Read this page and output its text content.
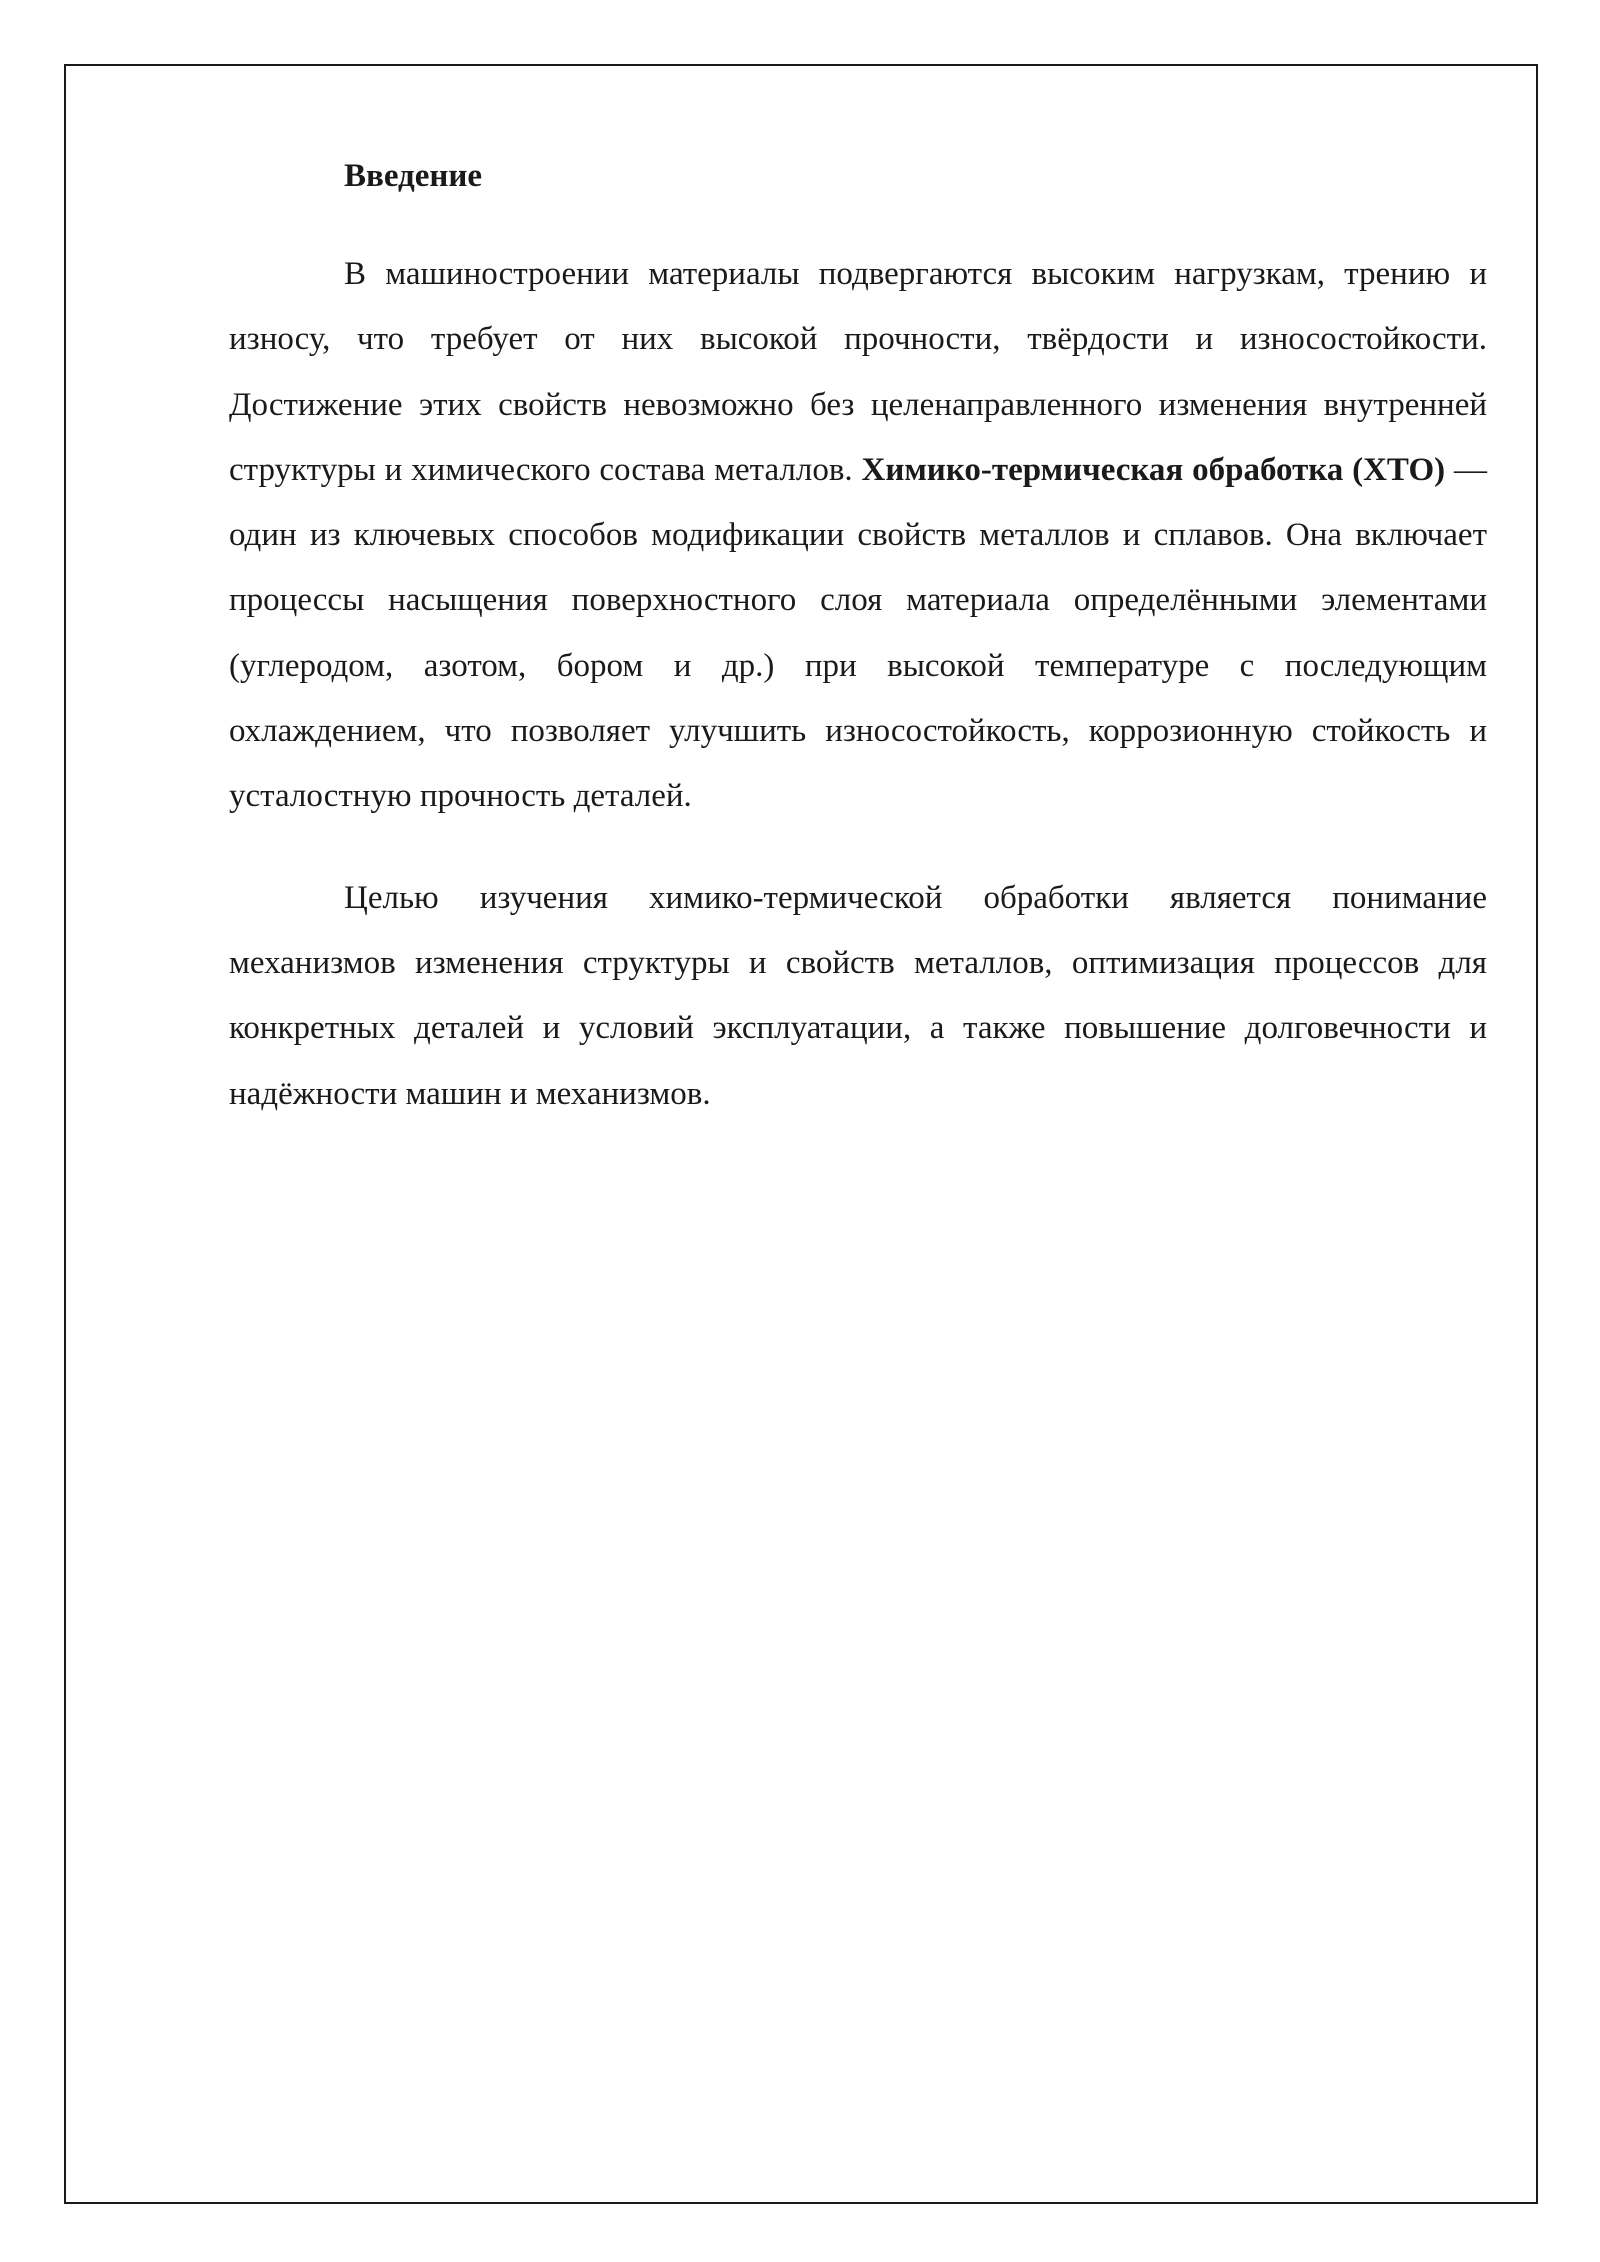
Введение

В машиностроении материалы подвергаются высоким нагрузкам, трению и износу, что требует от них высокой прочности, твёрдости и износостойкости. Достижение этих свойств невозможно без целенаправленного изменения внутренней структуры и химического состава металлов. Химико-термическая обработка (ХТО) — один из ключевых способов модификации свойств металлов и сплавов. Она включает процессы насыщения поверхностного слоя материала определёнными элементами (углеродом, азотом, бором и др.) при высокой температуре с последующим охлаждением, что позволяет улучшить износостойкость, коррозионную стойкость и усталостную прочность деталей.

Целью изучения химико-термической обработки является понимание механизмов изменения структуры и свойств металлов, оптимизация процессов для конкретных деталей и условий эксплуатации, а также повышение долговечности и надёжности машин и механизмов.
